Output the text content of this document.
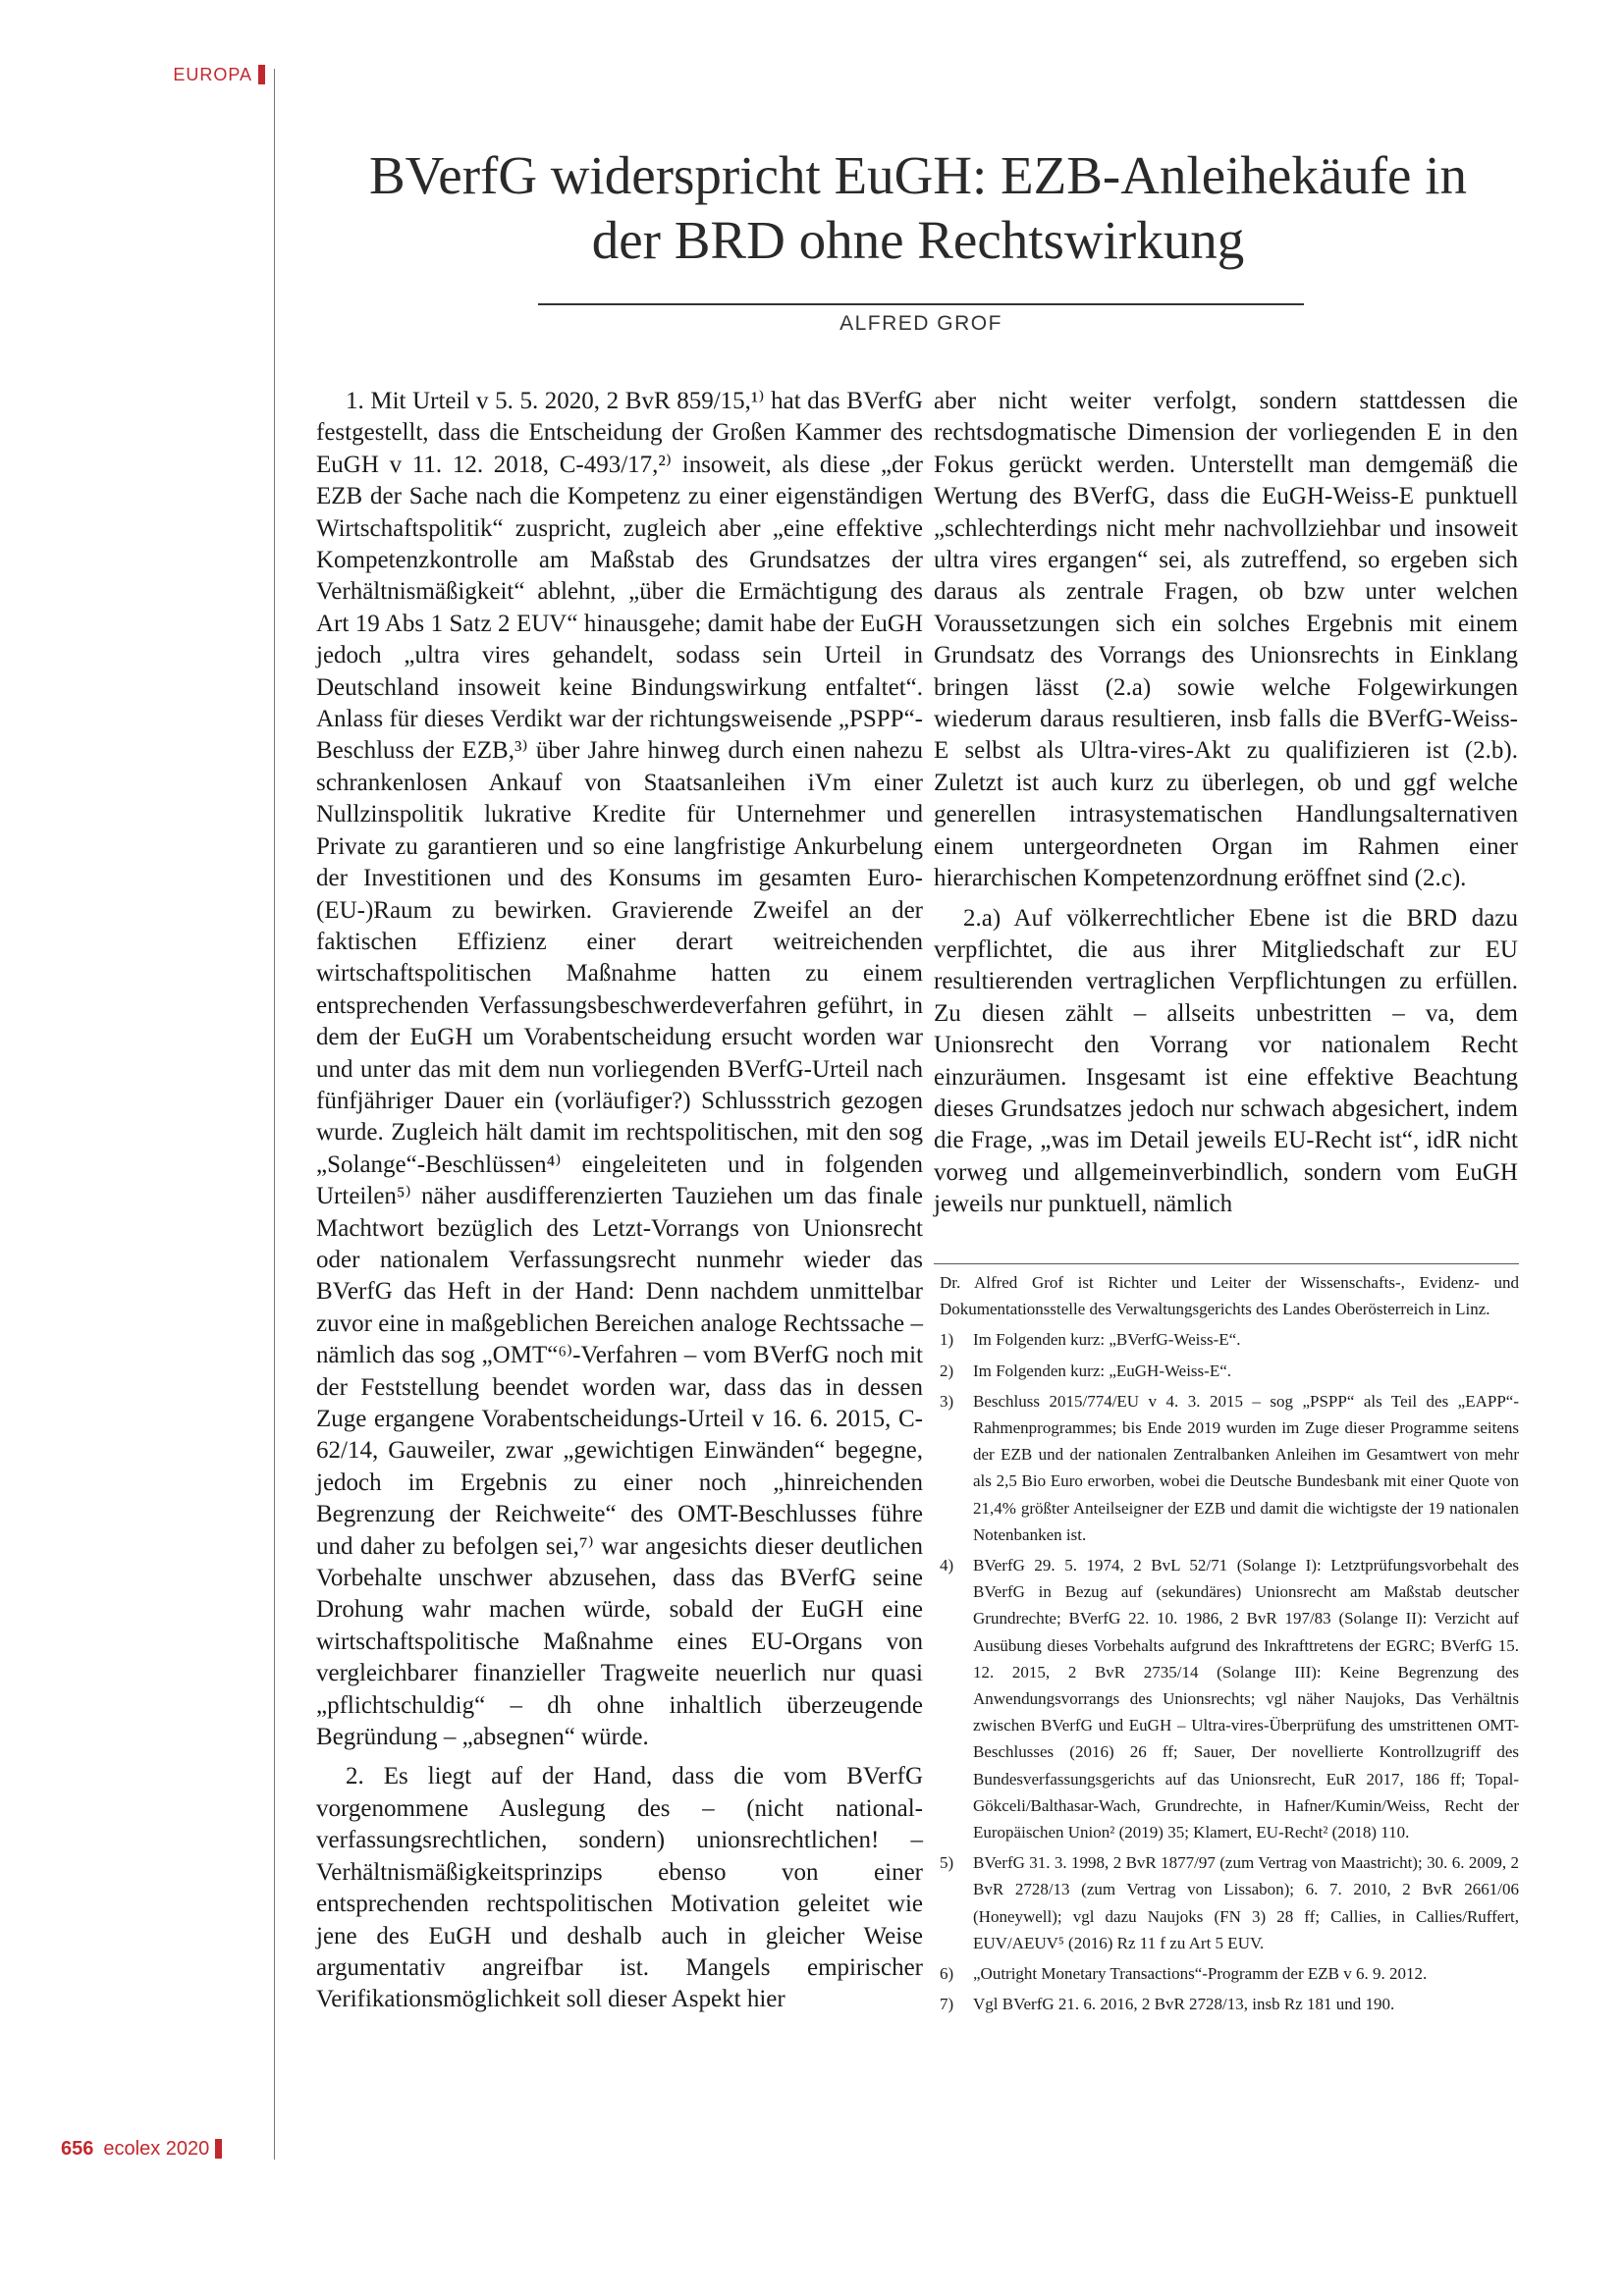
EUROPA
BVerfG widerspricht EuGH: EZB-Anleihekäufe in
der BRD ohne Rechtswirkung
ALFRED GROF

1. Mit Urteil v 5. 5. 2020, 2 BvR 859/15,¹⁾ hat das BVerfG festgestellt, dass die Entscheidung der Großen Kammer des EuGH v 11. 12. 2018, C-493/17,²⁾ insoweit, als diese „der EZB der Sache nach die Kompetenz zu einer eigenständigen Wirtschaftspolitik“ zuspricht, zugleich aber „eine effektive Kompetenzkontrolle am Maßstab des Grundsatzes der Verhältnismäßigkeit“ ablehnt, „über die Ermächtigung des Art 19 Abs 1 Satz 2 EUV“ hinausgehe; damit habe der EuGH jedoch „ultra vires gehandelt, sodass sein Urteil in Deutschland insoweit keine Bindungswirkung entfaltet“. Anlass für dieses Verdikt war der richtungsweisende „PSPP“-Beschluss der EZB,³⁾ über Jahre hinweg durch einen nahezu schrankenlosen Ankauf von Staatsanleihen iVm einer Nullzinspolitik lukrative Kredite für Unternehmer und Private zu garantieren und so eine langfristige Ankurbelung der Investitionen und des Konsums im gesamten Euro-(EU-)Raum zu bewirken. Gravierende Zweifel an der faktischen Effizienz einer derart weitreichenden wirtschaftspolitischen Maßnahme hatten zu einem entsprechenden Verfassungsbeschwerdeverfahren geführt, in dem der EuGH um Vorabentscheidung ersucht worden war und unter das mit dem nun vorliegenden BVerfG-Urteil nach fünfjähriger Dauer ein (vorläufiger?) Schlussstrich gezogen wurde. Zugleich hält damit im rechtspolitischen, mit den sog „Solange“-Beschlüssen⁴⁾ eingeleiteten und in folgenden Urteilen⁵⁾ näher ausdifferenzierten Tauziehen um das finale Machtwort bezüglich des Letzt-Vorrangs von Unionsrecht oder nationalem Verfassungsrecht nunmehr wieder das BVerfG das Heft in der Hand: Denn nachdem unmittelbar zuvor eine in maßgeblichen Bereichen analoge Rechtssache – nämlich das sog „OMT“⁶⁾-Verfahren – vom BVerfG noch mit der Feststellung beendet worden war, dass das in dessen Zuge ergangene Vorabentscheidungs-Urteil v 16. 6. 2015, C-62/14, Gauweiler, zwar „gewichtigen Einwänden“ begegne, jedoch im Ergebnis zu einer noch „hinreichenden Begrenzung der Reichweite“ des OMT-Beschlusses führe und daher zu befolgen sei,⁷⁾ war angesichts dieser deutlichen Vorbehalte unschwer abzusehen, dass das BVerfG seine Drohung wahr machen würde, sobald der EuGH eine wirtschaftspolitische Maßnahme eines EU-Organs von vergleichbarer finanzieller Tragweite neuerlich nur quasi „pflichtschuldig“ – dh ohne inhaltlich überzeugende Begründung – „absegnen“ würde.

2. Es liegt auf der Hand, dass die vom BVerfG vorgenommene Auslegung des – (nicht national-verfassungsrechtlichen, sondern) unionsrechtlichen! – Verhältnismäßigkeitsprinzips ebenso von einer entsprechenden rechtspolitischen Motivation geleitet wie jene des EuGH und deshalb auch in gleicher Weise argumentativ angreifbar ist. Mangels empirischer Verifikationsmöglichkeit soll dieser Aspekt hier

aber nicht weiter verfolgt, sondern stattdessen die rechtsdogmatische Dimension der vorliegenden E in den Fokus gerückt werden. Unterstellt man demgemäß die Wertung des BVerfG, dass die EuGH-Weiss-E punktuell „schlechterdings nicht mehr nachvollziehbar und insoweit ultra vires ergangen“ sei, als zutreffend, so ergeben sich daraus als zentrale Fragen, ob bzw unter welchen Voraussetzungen sich ein solches Ergebnis mit einem Grundsatz des Vorrangs des Unionsrechts in Einklang bringen lässt (2.a) sowie welche Folgewirkungen wiederum daraus resultieren, insb falls die BVerfG-Weiss-E selbst als Ultra-vires-Akt zu qualifizieren ist (2.b). Zuletzt ist auch kurz zu überlegen, ob und ggf welche generellen intrasystematischen Handlungsalternativen einem untergeordneten Organ im Rahmen einer hierarchischen Kompetenzordnung eröffnet sind (2.c).

2.a) Auf völkerrechtlicher Ebene ist die BRD dazu verpflichtet, die aus ihrer Mitgliedschaft zur EU resultierenden vertraglichen Verpflichtungen zu erfüllen. Zu diesen zählt – allseits unbestritten – va, dem Unionsrecht den Vorrang vor nationalem Recht einzuräumen. Insgesamt ist eine effektive Beachtung dieses Grundsatzes jedoch nur schwach abgesichert, indem die Frage, „was im Detail jeweils EU-Recht ist“, idR nicht vorweg und allgemeinverbindlich, sondern vom EuGH jeweils nur punktuell, nämlich

Dr. Alfred Grof ist Richter und Leiter der Wissenschafts-, Evidenz- und Dokumentationsstelle des Verwaltungsgerichts des Landes Oberösterreich in Linz.
1)	Im Folgenden kurz: „BVerfG-Weiss-E“.
2)	Im Folgenden kurz: „EuGH-Weiss-E“.
3)	Beschluss 2015/774/EU v 4. 3. 2015 – sog „PSPP“ als Teil des „EAPP“-Rahmenprogrammes; bis Ende 2019 wurden im Zuge dieser Programme seitens der EZB und der nationalen Zentralbanken Anleihen im Gesamtwert von mehr als 2,5 Bio Euro erworben, wobei die Deutsche Bundesbank mit einer Quote von 21,4% größter Anteilseigner der EZB und damit die wichtigste der 19 nationalen Notenbanken ist.
4)	BVerfG 29. 5. 1974, 2 BvL 52/71 (Solange I): Letztprüfungsvorbehalt des BVerfG in Bezug auf (sekundäres) Unionsrecht am Maßstab deutscher Grundrechte; BVerfG 22. 10. 1986, 2 BvR 197/83 (Solange II): Verzicht auf Ausübung dieses Vorbehalts aufgrund des Inkrafttretens der EGRC; BVerfG 15. 12. 2015, 2 BvR 2735/14 (Solange III): Keine Begrenzung des Anwendungsvorrangs des Unionsrechts; vgl näher Naujoks, Das Verhältnis zwischen BVerfG und EuGH – Ultra-vires-Überprüfung des umstrittenen OMT-Beschlusses (2016) 26 ff; Sauer, Der novellierte Kontrollzugriff des Bundesverfassungsgerichts auf das Unionsrecht, EuR 2017, 186 ff; Topal-Gökceli/Balthasar-Wach, Grundrechte, in Hafner/Kumin/Weiss, Recht der Europäischen Union² (2019) 35; Klamert, EU-Recht² (2018) 110.
5)	BVerfG 31. 3. 1998, 2 BvR 1877/97 (zum Vertrag von Maastricht); 30. 6. 2009, 2 BvR 2728/13 (zum Vertrag von Lissabon); 6. 7. 2010, 2 BvR 2661/06 (Honeywell); vgl dazu Naujoks (FN 3) 28 ff; Callies, in Callies/Ruffert, EUV/AEUV⁵ (2016) Rz 11 f zu Art 5 EUV.
6)	„Outright Monetary Transactions“-Programm der EZB v 6. 9. 2012.
7)	Vgl BVerfG 21. 6. 2016, 2 BvR 2728/13, insb Rz 181 und 190.
656 ecolex 2020
